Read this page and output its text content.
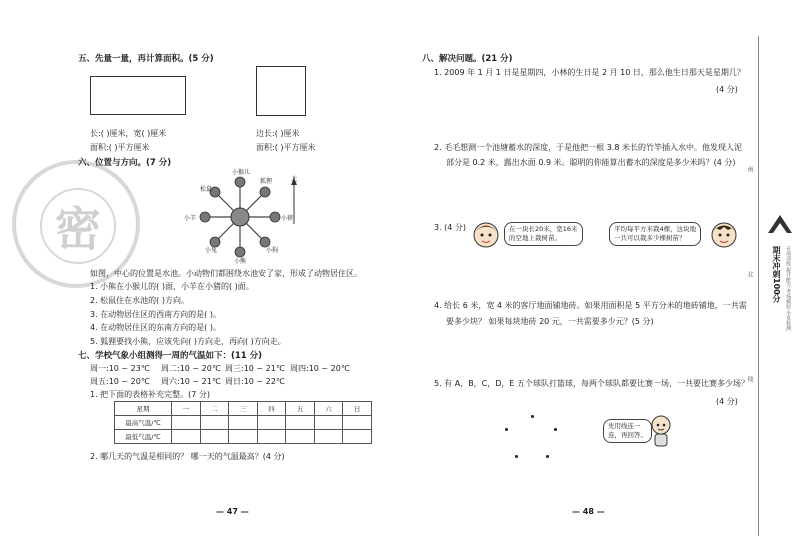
密
五、先量一量，再计算面积。(5 分)
长:( )厘米，宽( )厘米
面积:( )平方厘米
边长:( )厘米
面积:( )平方厘米
六、位置与方向。(7 分)
小猴儿
松鼠
狐狸
小羊	小猪
小兔
小熊
小狗
北
如图，中心的位置是水池。小动物们都围绕水池安了家，形成了动物居住区。
1. 小熊在小猴儿的( )面，小羊在小猪的( )面。
2. 松鼠住在水池的( )方向。
3. 在动物居住区的西南方向的是( )。
4. 在动物居住区的东南方向的是( )。
5. 狐狸要找小熊，应该先向( )方向走，再向( )方向走。
七、学校气象小组测得一周的气温如下：(11 分)
周一:10 ~ 23℃ 周二:10 ~ 20℃ 周三:10 ~ 21℃ 周四:10 ~ 20℃
周五:10 ~ 20℃ 周六:10 ~ 21℃ 周日:10 ~ 22℃
1. 把下面的表格补充完整。(7 分)
星期	一	二	三	四	五	六	日
最高气温/℃							
最低气温/℃							
2. 哪几天的气温是相同的？ 哪一天的气温最高？(4 分)
— 47 —
八、解决问题。(21 分)
1. 2009 年 1 月 1 日是星期四，小林的生日是 2 月 10 日，那么他生日那天是星期几？
(4 分)
2. 毛毛想测一个池塘蓄水的深度，于是他把一根 3.8 米长的竹竿插入水中。他发现人泥
部分是 0.2 米，露出水面 0.9 米。聪明的你能算出蓄水的深度是多少米吗？(4 分)
3. (4 分)	在一块长20米，宽16米
的空地上栽树苗。
平均每平方米栽4棵，这块地
一共可以栽多少棵树苗？
4. 给长 6 米，宽 4 米的客厅地面铺地砖。如果用面积是 5 平方分米的地砖铺地，一共需
要多少块？ 如果每块地砖 20 元，一共需要多少元？(5 分)
5. 有 A，B，C，D，E 五个球队打篮球，每两个球队都要比赛一场，一共要比赛多少场？
(4 分)
先用线连一
连，再回答。
— 48 —
南
北
线
期末冲刺100分 专项训练·提升能力·考场模拟·全真检测
